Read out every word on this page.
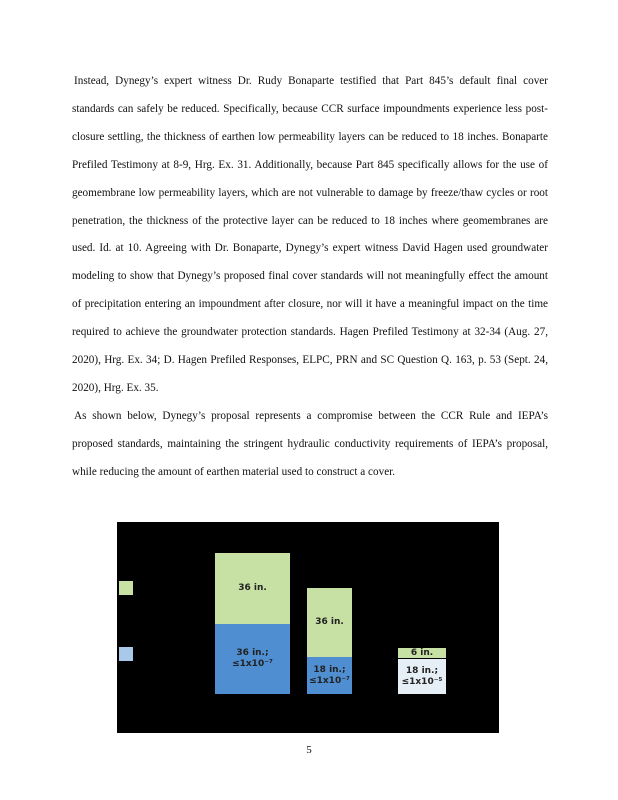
Instead, Dynegy’s expert witness Dr. Rudy Bonaparte testified that Part 845’s default final cover standards can safely be reduced. Specifically, because CCR surface impoundments experience less post-closure settling, the thickness of earthen low permeability layers can be reduced to 18 inches. Bonaparte Prefiled Testimony at 8-9, Hrg. Ex. 31. Additionally, because Part 845 specifically allows for the use of geomembrane low permeability layers, which are not vulnerable to damage by freeze/thaw cycles or root penetration, the thickness of the protective layer can be reduced to 18 inches where geomembranes are used. Id. at 10. Agreeing with Dr. Bonaparte, Dynegy’s expert witness David Hagen used groundwater modeling to show that Dynegy’s proposed final cover standards will not meaningfully effect the amount of precipitation entering an impoundment after closure, nor will it have a meaningful impact on the time required to achieve the groundwater protection standards. Hagen Prefiled Testimony at 32-34 (Aug. 27, 2020), Hrg. Ex. 34; D. Hagen Prefiled Responses, ELPC, PRN and SC Question Q. 163, p. 53 (Sept. 24, 2020), Hrg. Ex. 35.

As shown below, Dynegy’s proposal represents a compromise between the CCR Rule and IEPA’s proposed standards, maintaining the stringent hydraulic conductivity requirements of IEPA’s proposal, while reducing the amount of earthen material used to construct a cover.

36 in.
36 in.;
≤1x10⁻⁷
36 in.
18 in.;
≤1x10⁻⁷
6 in.
18 in.;
≤1x10⁻⁵
5
